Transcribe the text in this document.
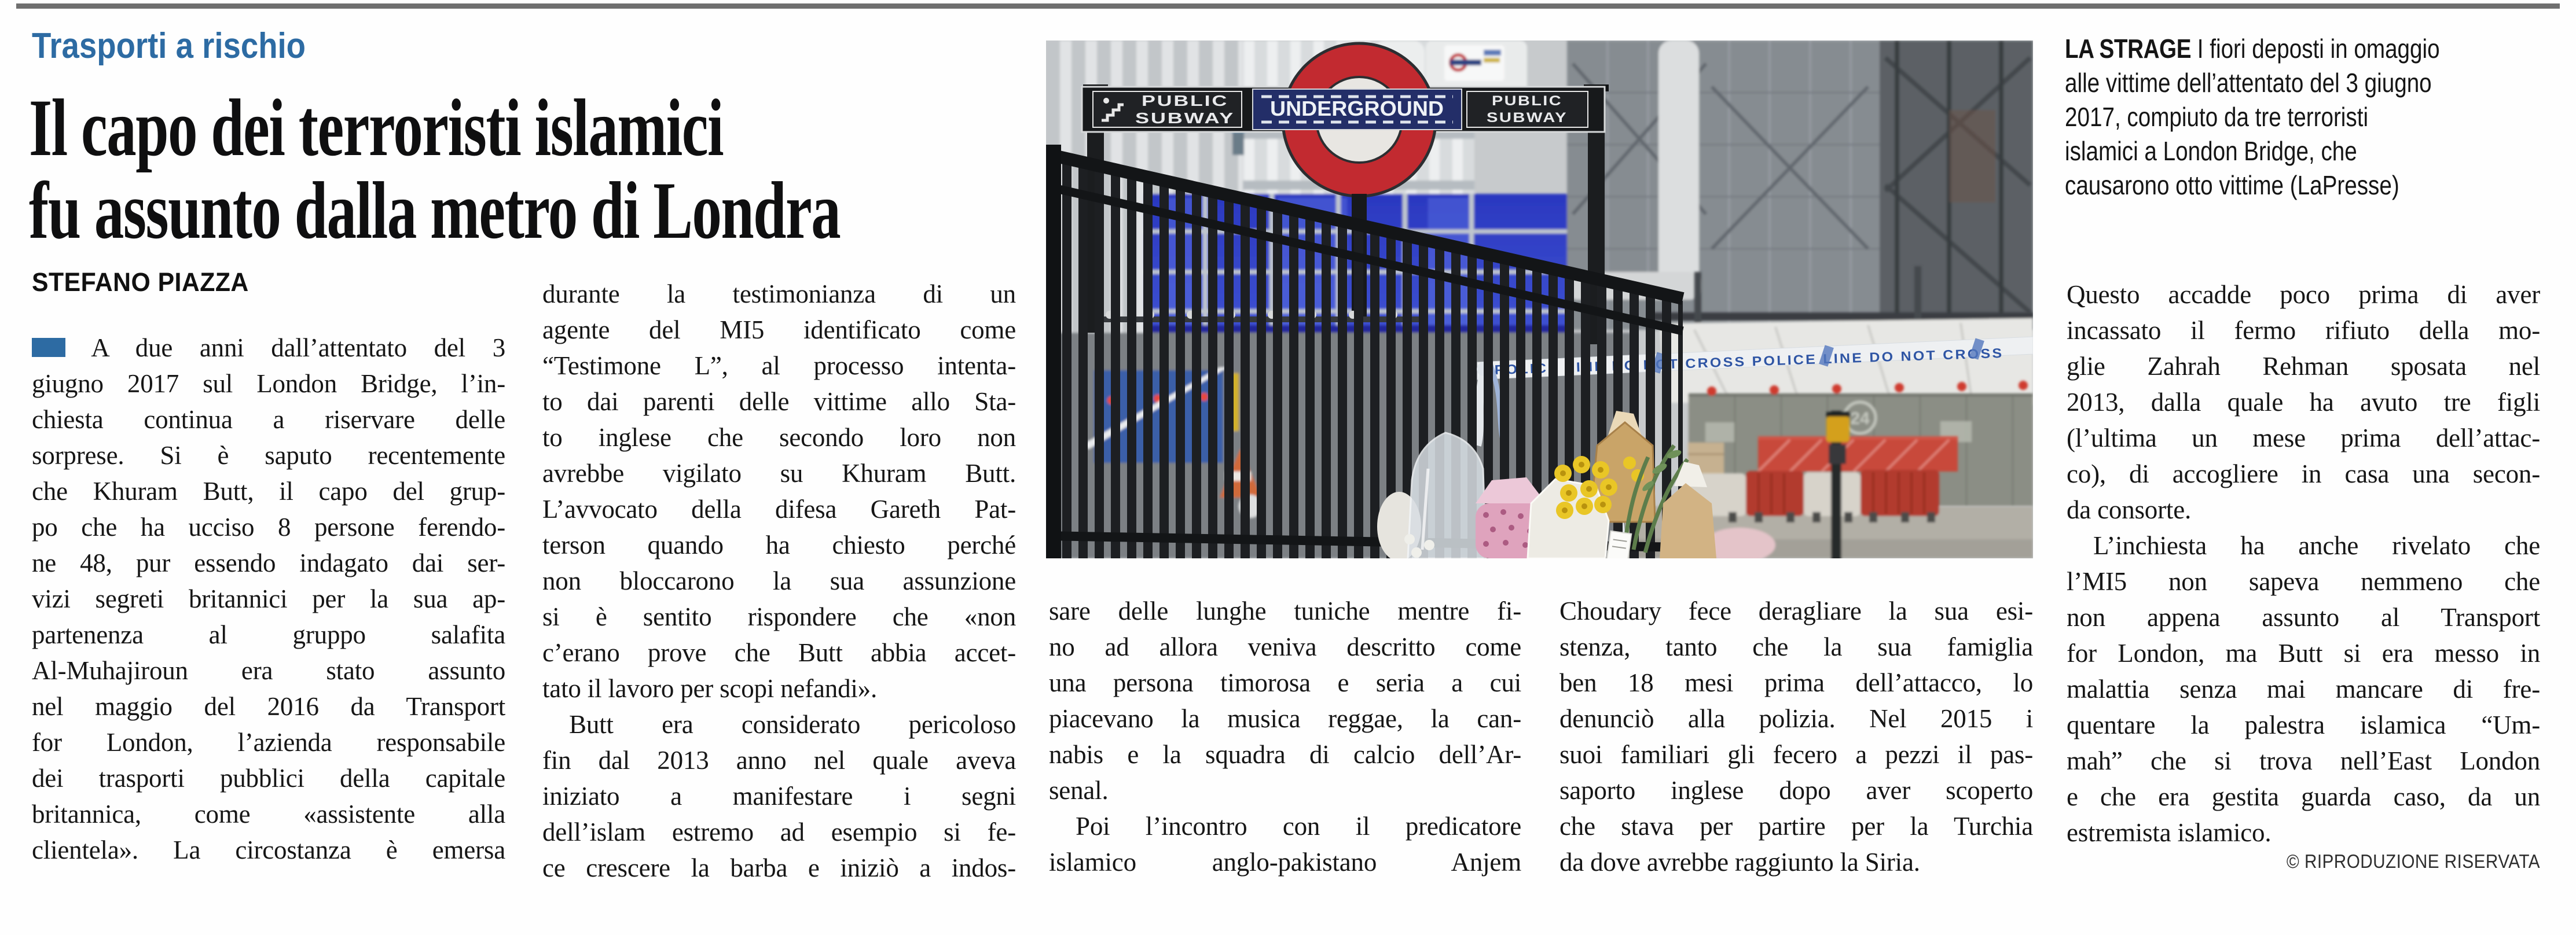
Trasporti a rischio
Il capo dei terroristi islamici
fu assunto dalla metro di Londra
STEFANO PIAZZA
A due anni dall’attentato del 3
giugno 2017 sul London Bridge, l’in-
chiesta continua a riservare delle
sorprese. Si è saputo recentemente
che Khuram Butt, il capo del grup-
po che ha ucciso 8 persone ferendo-
ne 48, pur essendo indagato dai ser-
vizi segreti britannici per la sua ap-
partenenza al gruppo salafita
Al-Muhajiroun era stato assunto
nel maggio del 2016 da Transport
for London, l’azienda responsabile
dei trasporti pubblici della capitale
britannica, come «assistente alla
clientela». La circostanza è emersa
durante la testimonianza di un
agente del MI5 identificato come
“Testimone L”, al processo intenta-
to dai parenti delle vittime allo Sta-
to inglese che secondo loro non
avrebbe vigilato su Khuram Butt.
L’avvocato della difesa Gareth Pat-
terson quando ha chiesto perché
non bloccarono la sua assunzione
si è sentito rispondere che «non
c’erano prove che Butt abbia accet-
tato il lavoro per scopi nefandi».
Butt era considerato pericoloso
fin dal 2013 anno nel quale aveva
iniziato a manifestare i segni
dell’islam estremo ad esempio si fe-
ce crescere la barba e iniziò a indos-
sare delle lunghe tuniche mentre fi-
no ad allora veniva descritto come
una persona timorosa e seria a cui
piacevano la musica reggae, la can-
nabis e la squadra di calcio dell’Ar-
senal.
Poi l’incontro con il predicatore
islamico anglo-pakistano Anjem
Choudary fece deragliare la sua esi-
stenza, tanto che la sua famiglia
ben 18 mesi prima dell’attacco, lo
denunciò alla polizia. Nel 2015 i
suoi familiari gli fecero a pezzi il pas-
saporto inglese dopo aver scoperto
che stava per partire per la Turchia
da dove avrebbe raggiunto la Siria.
Questo accadde poco prima di aver
incassato il fermo rifiuto della mo-
glie Zahrah Rehman sposata nel
2013, dalla quale ha avuto tre figli
(l’ultima un mese prima dell’attac-
co), di accogliere in casa una secon-
da consorte.
L’inchiesta ha anche rivelato che
l’MI5 non sapeva nemmeno che
non appena assunto al Transport
for London, ma Butt si era messo in
malattia senza mai mancare di fre-
quentare la palestra islamica “Um-
mah” che si trova nell’East London
e che era gestita guarda caso, da un
estremista islamico.
24
PUBLIC
SUBWAY UNDERGROUND	PUBLIC
SUBWAY
POLICE LINE DO NOT CROSS POLICE LINE DO NOT CROSS
LA STRAGE I fiori deposti in omaggio
alle vittime dell’attentato del 3 giugno
2017, compiuto da tre terroristi
islamici a London Bridge, che
causarono otto vittime (LaPresse)
© RIPRODUZIONE RISERVATA
